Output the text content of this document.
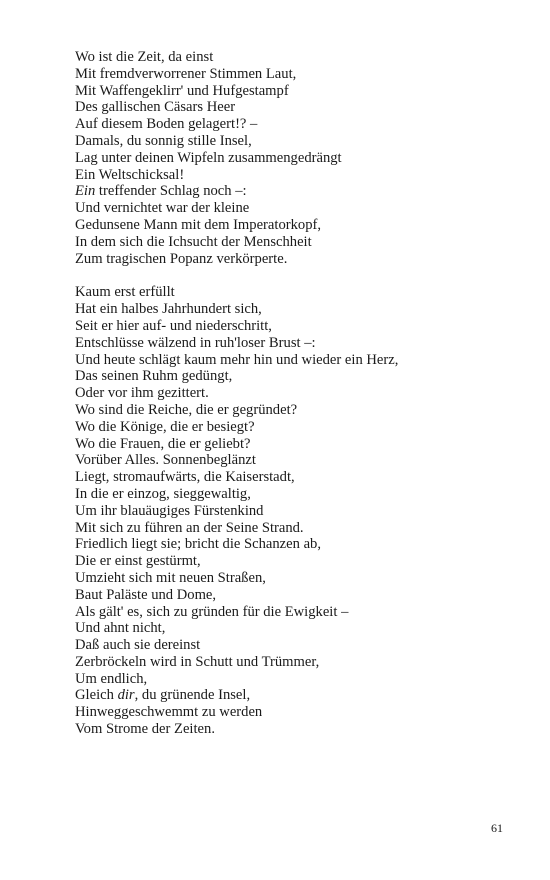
Wo ist die Zeit, da einst
Mit fremdverworrener Stimmen Laut,
Mit Waffengeklirr' und Hufgestampf
Des gallischen Cäsars Heer
Auf diesem Boden gelagert!? –
Damals, du sonnig stille Insel,
Lag unter deinen Wipfeln zusammengedrängt
Ein Weltschicksal!
Ein treffender Schlag noch –:
Und vernichtet war der kleine
Gedunsene Mann mit dem Imperatorkopf,
In dem sich die Ichsucht der Menschheit
Zum tragischen Popanz verkörperte.
Kaum erst erfüllt
Hat ein halbes Jahrhundert sich,
Seit er hier auf- und niederschritt,
Entschlüsse wälzend in ruh'loser Brust –:
Und heute schlägt kaum mehr hin und wieder ein Herz,
Das seinen Ruhm gedüngt,
Oder vor ihm gezittert.
Wo sind die Reiche, die er gegründet?
Wo die Könige, die er besiegt?
Wo die Frauen, die er geliebt?
Vorüber Alles. Sonnenbeglänzt
Liegt, stromaufwärts, die Kaiserstadt,
In die er einzog, sieggewaltig,
Um ihr blauäugiges Fürstenkind
Mit sich zu führen an der Seine Strand.
Friedlich liegt sie; bricht die Schanzen ab,
Die er einst gestürmt,
Umzieht sich mit neuen Straßen,
Baut Paläste und Dome,
Als gält' es, sich zu gründen für die Ewigkeit –
Und ahnt nicht,
Daß auch sie dereinst
Zerbröckeln wird in Schutt und Trümmer,
Um endlich,
Gleich dir, du grünende Insel,
Hinweggeschwemmt zu werden
Vom Strome der Zeiten.
61
